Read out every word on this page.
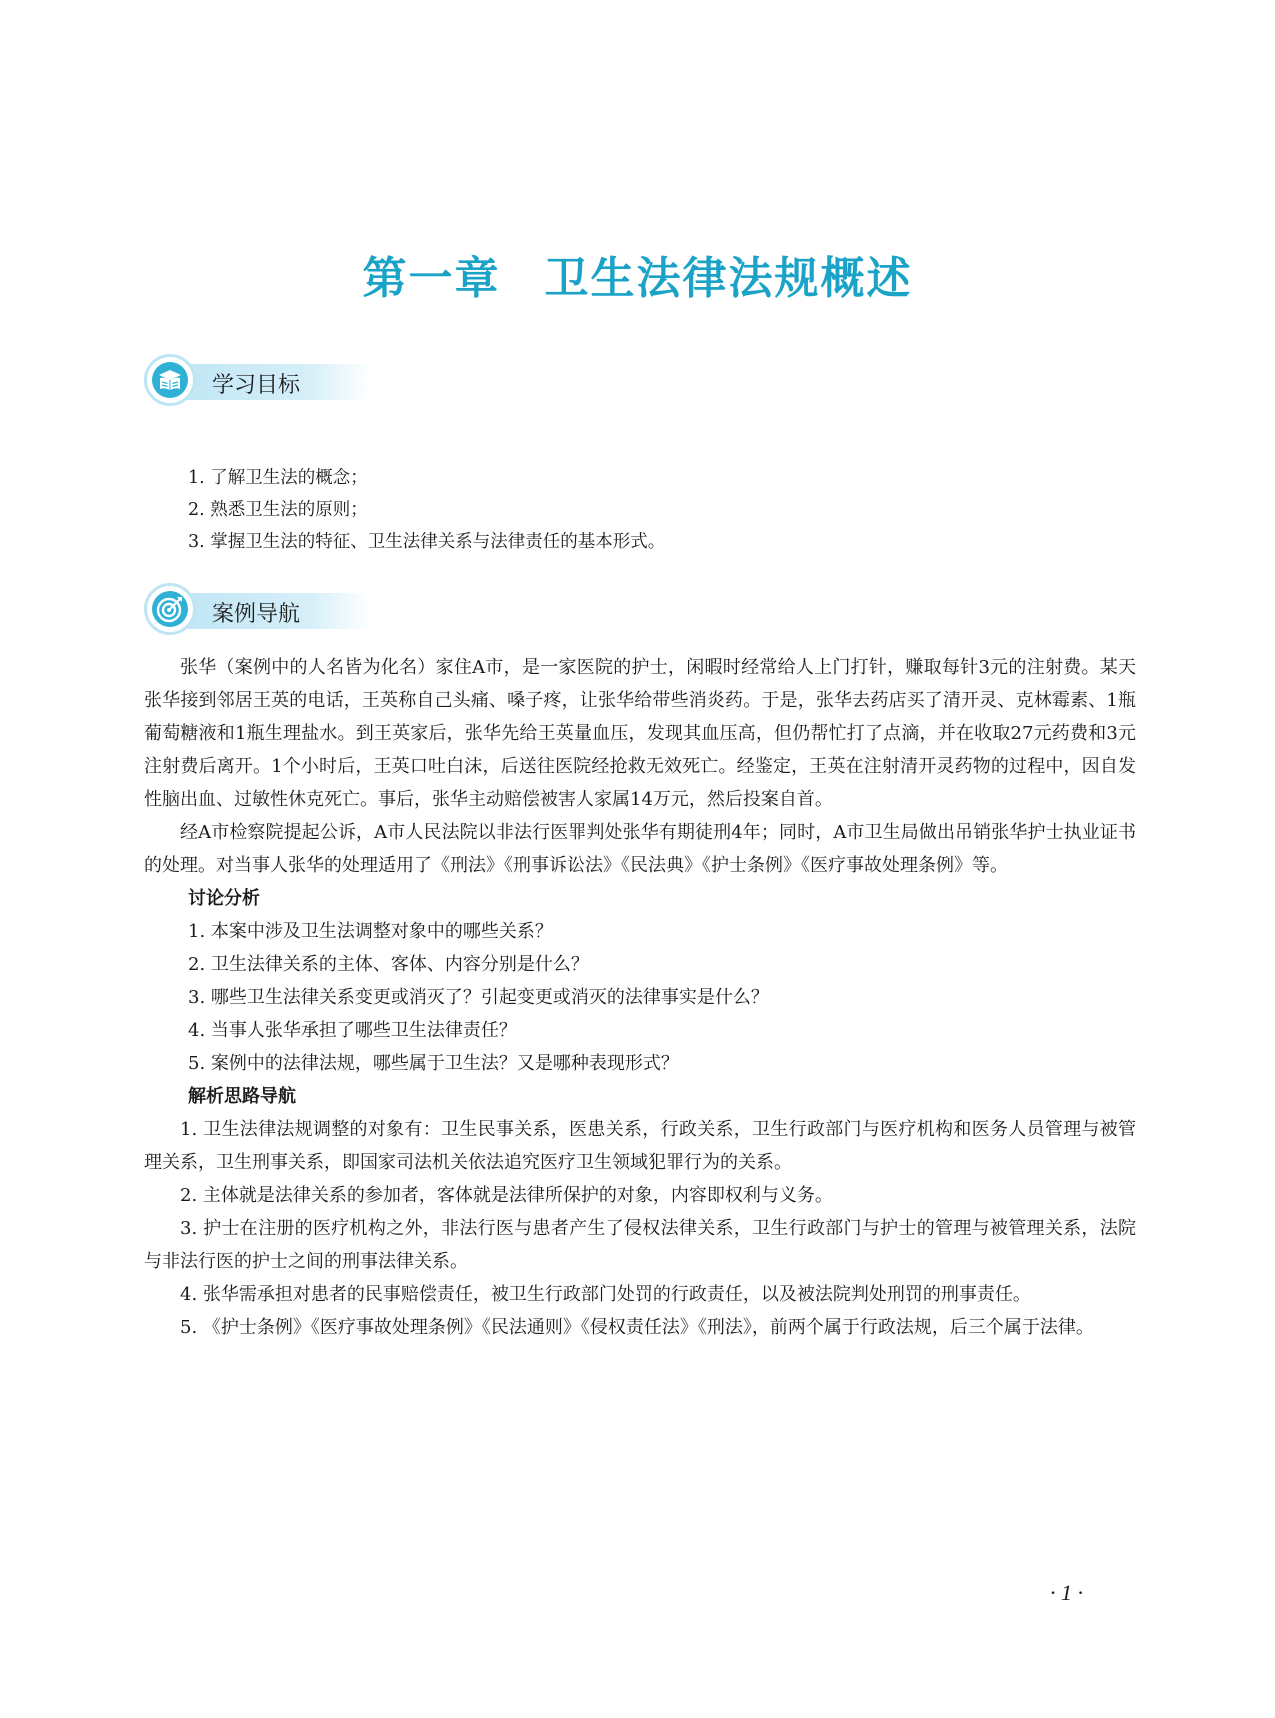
第一章 卫生法律法规概述
学习目标
1. 了解卫生法的概念；
2. 熟悉卫生法的原则；
3. 掌握卫生法的特征、卫生法律关系与法律责任的基本形式。
案例导航

张华（案例中的人名皆为化名）家住A市，是一家医院的护士，闲暇时经常给人上门打针，赚取每针3元的注射费。某天张华接到邻居王英的电话，王英称自己头痛、嗓子疼，让张华给带些消炎药。于是，张华去药店买了清开灵、克林霉素、1瓶葡萄糖液和1瓶生理盐水。到王英家后，张华先给王英量血压，发现其血压高，但仍帮忙打了点滴，并在收取27元药费和3元注射费后离开。1个小时后，王英口吐白沫，后送往医院经抢救无效死亡。经鉴定，王英在注射清开灵药物的过程中，因自发性脑出血、过敏性休克死亡。事后，张华主动赔偿被害人家属14万元，然后投案自首。

经A市检察院提起公诉，A市人民法院以非法行医罪判处张华有期徒刑4年；同时，A市卫生局做出吊销张华护士执业证书的处理。对当事人张华的处理适用了《刑法》《刑事诉讼法》《民法典》《护士条例》《医疗事故处理条例》等。

讨论分析

1. 本案中涉及卫生法调整对象中的哪些关系？

2. 卫生法律关系的主体、客体、内容分别是什么？

3. 哪些卫生法律关系变更或消灭了？引起变更或消灭的法律事实是什么？

4. 当事人张华承担了哪些卫生法律责任？

5. 案例中的法律法规，哪些属于卫生法？又是哪种表现形式？

解析思路导航

1. 卫生法律法规调整的对象有：卫生民事关系，医患关系，行政关系，卫生行政部门与医疗机构和医务人员管理与被管理关系，卫生刑事关系，即国家司法机关依法追究医疗卫生领域犯罪行为的关系。

2. 主体就是法律关系的参加者，客体就是法律所保护的对象，内容即权利与义务。

3. 护士在注册的医疗机构之外，非法行医与患者产生了侵权法律关系，卫生行政部门与护士的管理与被管理关系，法院与非法行医的护士之间的刑事法律关系。

4. 张华需承担对患者的民事赔偿责任，被卫生行政部门处罚的行政责任，以及被法院判处刑罚的刑事责任。

5. 《护士条例》《医疗事故处理条例》《民法通则》《侵权责任法》《刑法》，前两个属于行政法规，后三个属于法律。

· 1 ·
